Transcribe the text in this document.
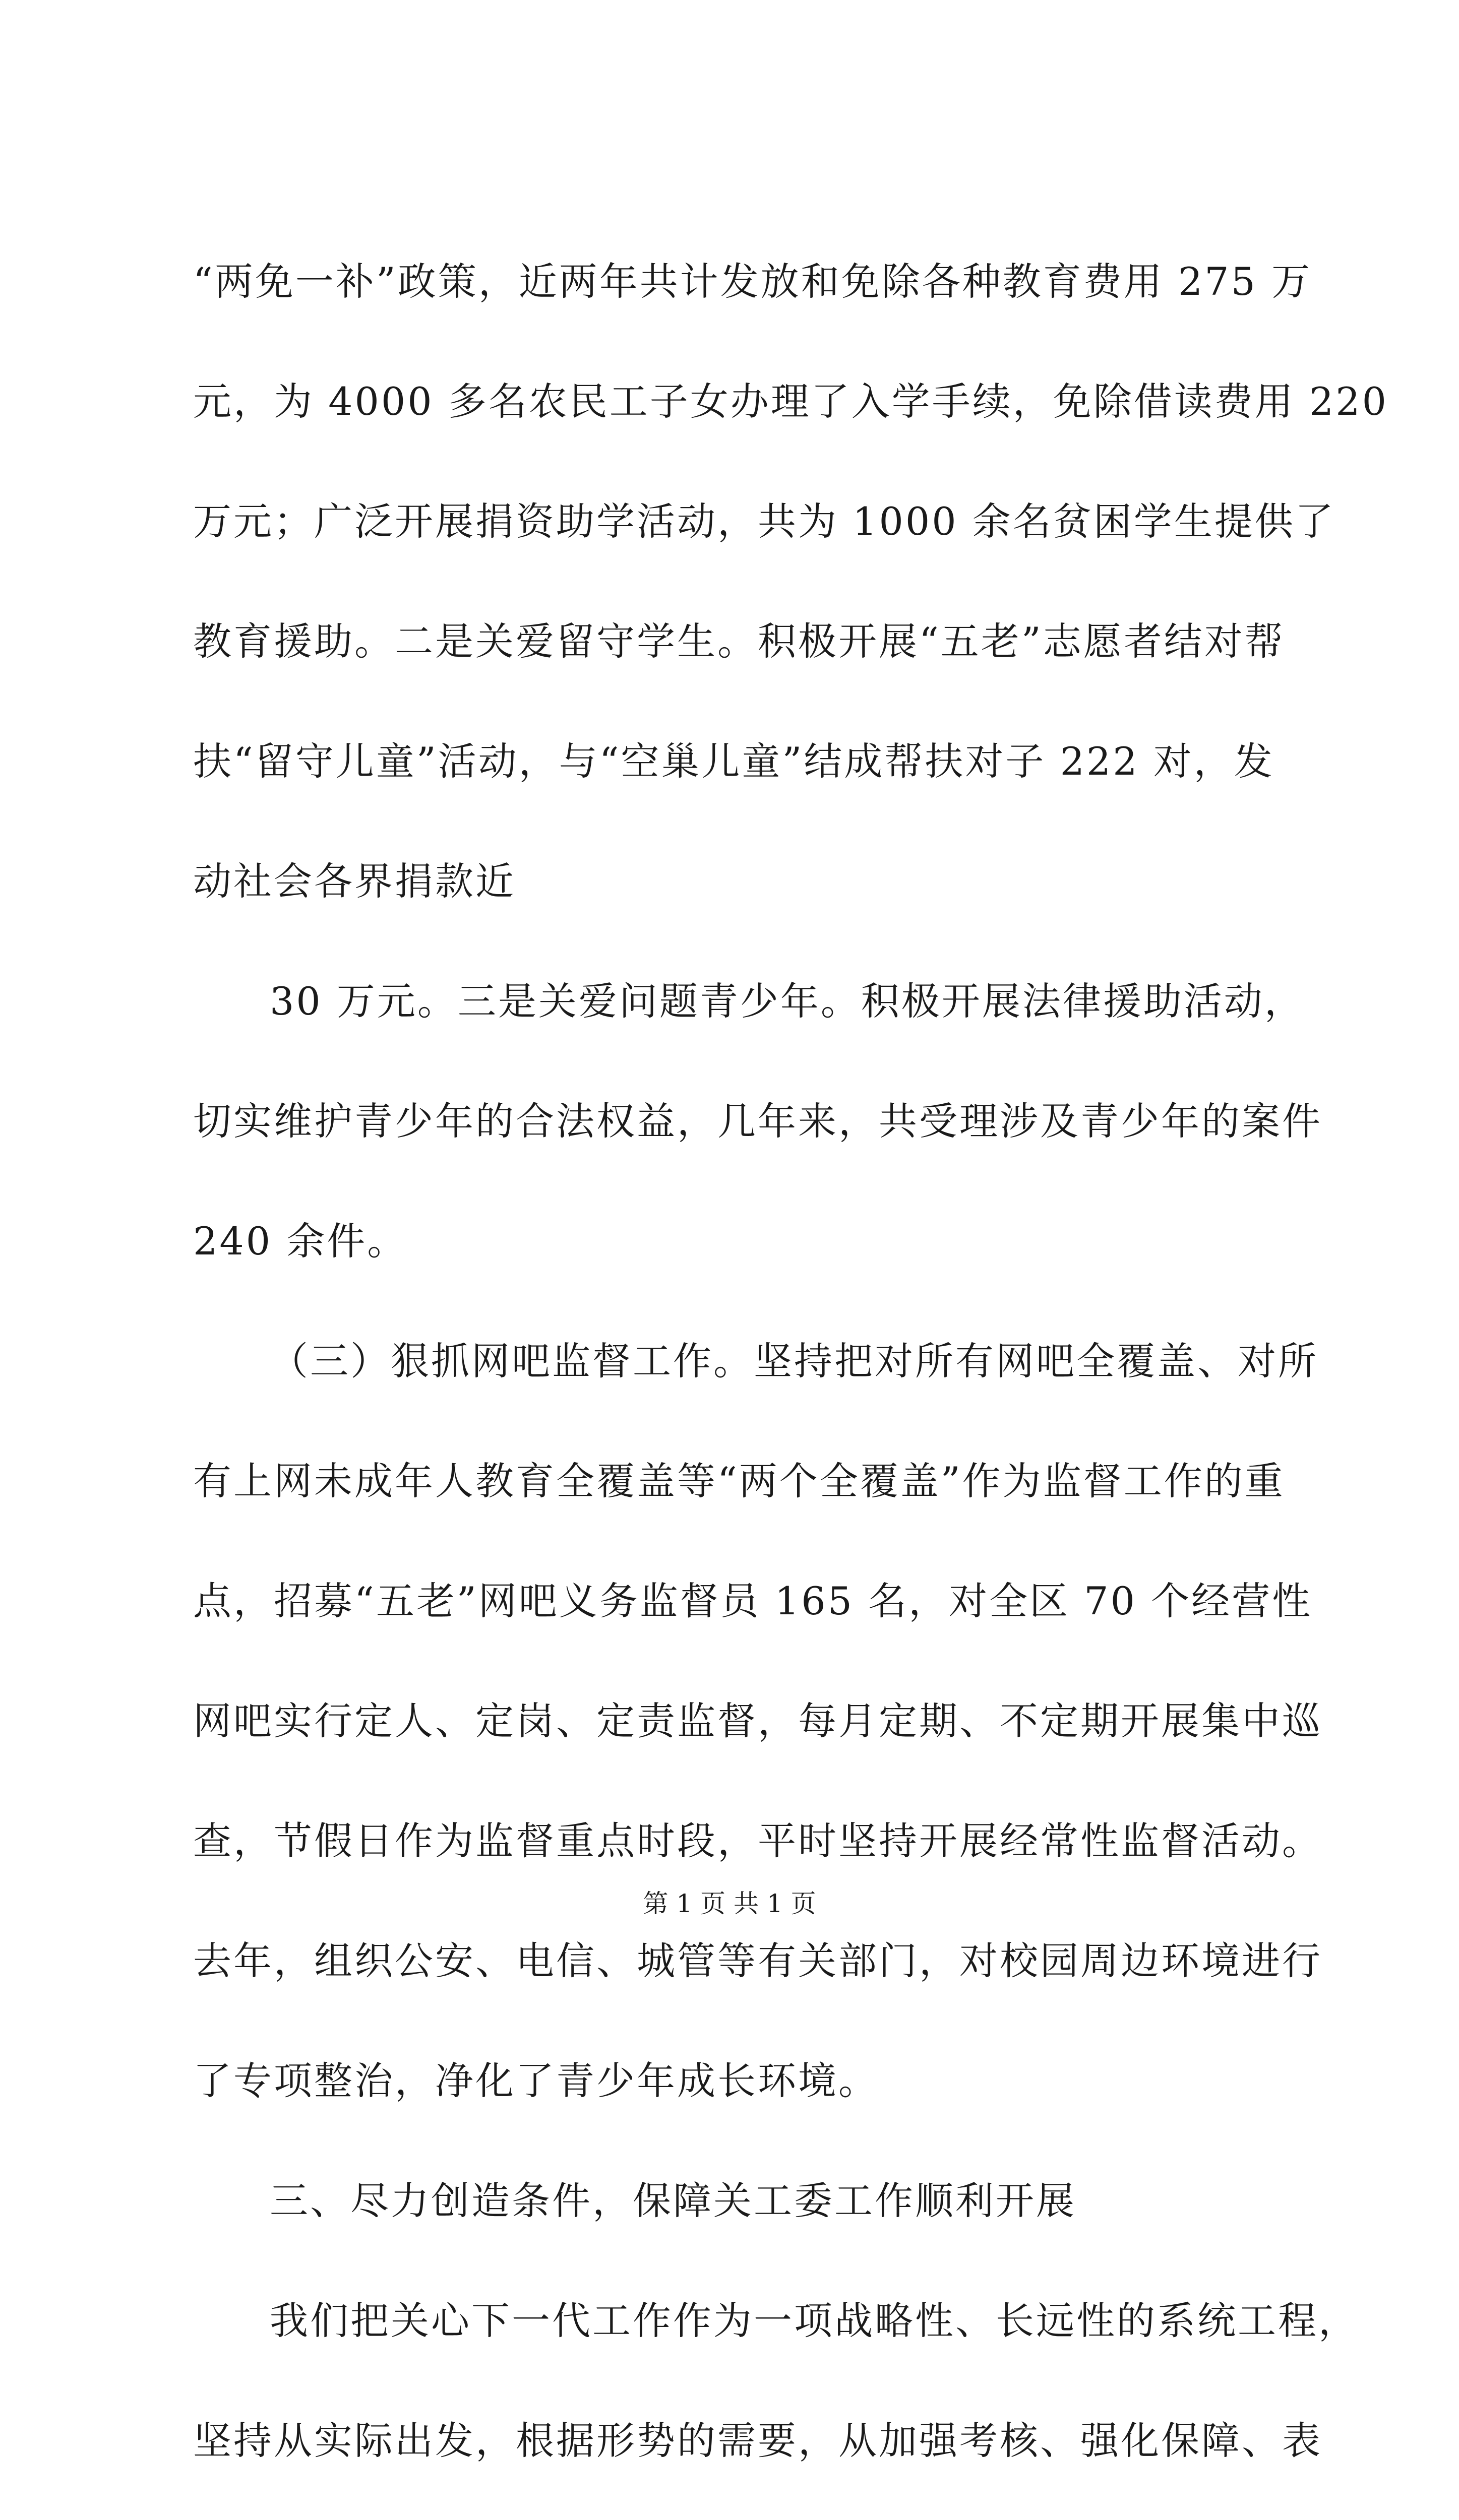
“两免一补”政策，近两年共计发放和免除各种教育费用 275 万
元，为 4000 多名农民工子女办理了入学手续，免除借读费用 220
万元；广泛开展捐资助学活动，共为 1000 余名贫困学生提供了
教育援助。二是关爱留守学生。积极开展“五老”志愿者结对帮
扶“留守儿童”活动，与“空巢儿童”结成帮扶对子 222 对，发
动社会各界捐款近
30 万元。三是关爱问题青少年。积极开展法律援助活动，
切实维护青少年的合法权益，几年来，共受理涉及青少年的案件
240 余件。
（三）狠抓网吧监督工作。坚持把对所有网吧全覆盖、对所
有上网未成年人教育全覆盖等“两个全覆盖”作为监督工作的重
点，招募“五老”网吧义务监督员 165 名，对全区 70 个经营性
网吧实行定人、定岗、定责监督，每月定期、不定期开展集中巡
查，节假日作为监督重点时段，平时坚持开展经常性监督活动。
去年，组织公安、电信、城管等有关部门，对校园周边环境进行
了专项整治，净化了青少年成长环境。
三、尽力创造条件，保障关工委工作顺利开展
我们把关心下一代工作作为一项战略性、长远性的系统工程，
坚持从实际出发，根据形势的需要，从加强考核、强化保障、表
第 1 页 共 1 页
